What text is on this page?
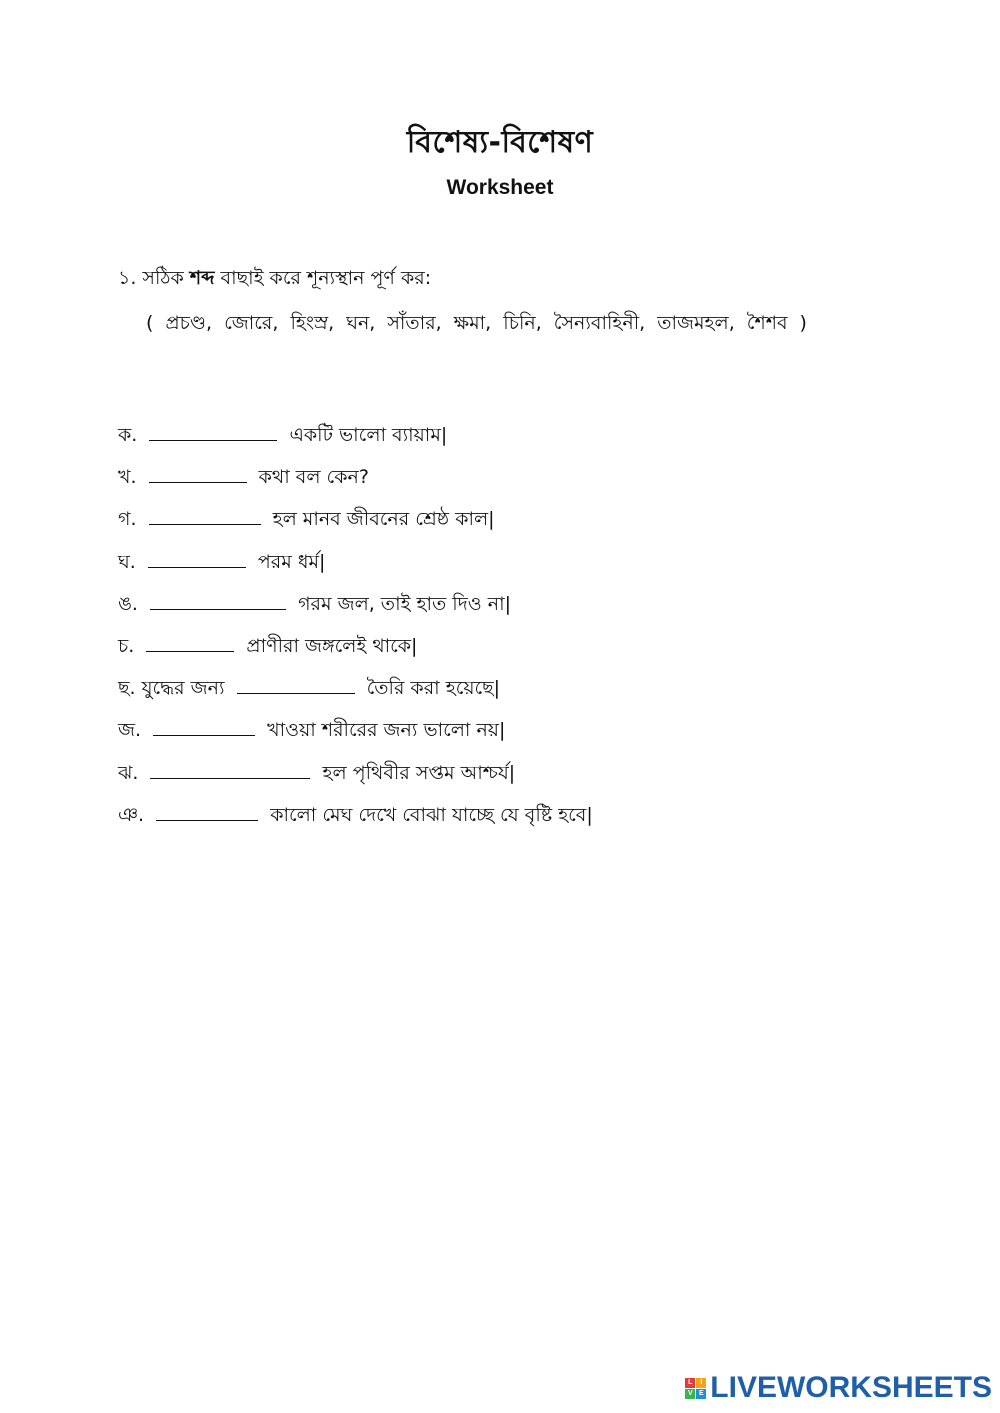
বিশেষ্য-বিশেষণ
Worksheet
১. সঠিক শব্দ বাছাই করে শূন্যস্থান পূর্ণ কর:
( প্রচণ্ড, জোরে, হিংস্র, ঘন, সাঁতার, ক্ষমা, চিনি, সৈন্যবাহিনী, তাজমহল, শৈশব )
ক.	একটি ভালো ব্যায়াম|
খ.	কথা বল কেন?
গ.	হল মানব জীবনের শ্রেষ্ঠ কাল|
ঘ.	পরম ধর্ম|
ঙ.	গরম জল, তাই হাত দিও না|
চ.	প্রাণীরা জঙ্গলেই থাকে|
ছ. যুদ্ধের জন্য	তৈরি করা হয়েছে|
জ.	খাওয়া শরীরের জন্য ভালো নয়|
ঝ.	হল পৃথিবীর সপ্তম আশ্চর্য|
ঞ.	কালো মেঘ দেখে বোঝা যাচ্ছে যে বৃষ্টি হবে|
L	I
V E LIVEWORKSHEETS
